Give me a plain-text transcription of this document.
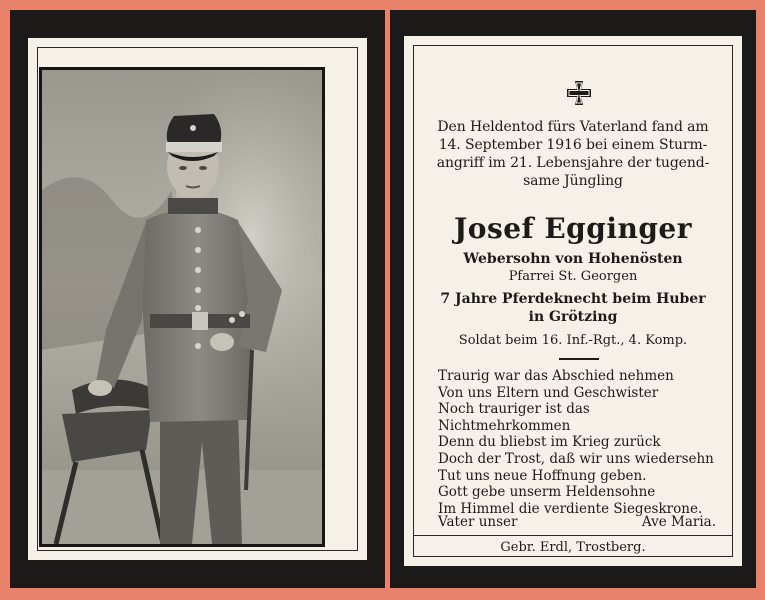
Den Heldentod fürs Vaterland fand am
14. September 1916 bei einem Sturm-
angriff im 21. Lebensjahre der tugend-
same Jüngling
Josef Egginger
Webersohn von Hohenösten
Pfarrei St. Georgen
7 Jahre Pferdeknecht beim Huber
in Grötzing
Soldat beim 16. Inf.-Rgt., 4. Komp.
Traurig war das Abschied nehmen
Von uns Eltern und Geschwister
Noch trauriger ist das Nichtmehrkommen
Denn du bliebst im Krieg zurück
Doch der Trost, daß wir uns wiedersehn
Tut uns neue Hoffnung geben.
Gott gebe unserm Heldensohne
Im Himmel die verdiente Siegeskrone.
Vater unser	Ave Maria.
Gebr. Erdl, Trostberg.
